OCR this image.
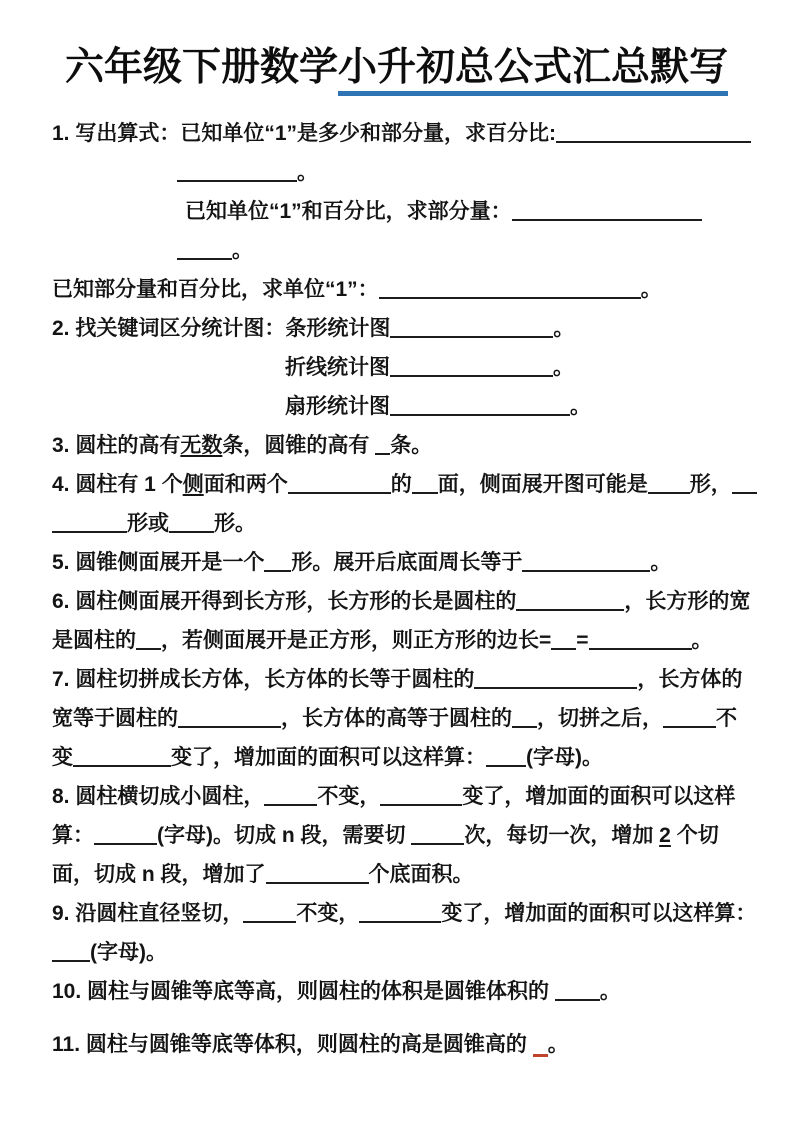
六年级下册数学小升初总公式汇总默写
1. 写出算式：已知单位“1”是多少和部分量，求百分比:
。
已知单位“1”和百分比，求部分量：
。
已知部分量和百分比，求单位“1”：	。
2. 找关键词区分统计图：条形统计图	。
折线统计图	。
扇形统计图	。
3. 圆柱的高有无数条，圆锥的高有 条。
4. 圆柱有 1 个侧面和两个	的 面，侧面展开图可能是 形，
形或 形。
5. 圆锥侧面展开是一个 形。展开后底面周长等于	。
6. 圆柱侧面展开得到长方形，长方形的长是圆柱的	，长方形的宽
是圆柱的 ，若侧面展开是正方形，则正方形的边长= =	。
7. 圆柱切拼成长方体，长方体的长等于圆柱的	，长方体的
宽等于圆柱的	，长方体的高等于圆柱的 ，切拼之后，	不
变	变了，增加面的面积可以这样算： (字母)。
8. 圆柱横切成小圆柱，	不变，	变了，增加面的面积可以这样
算：	(字母)。切成 n 段，需要切	次，每切一次，增加 2 个切
面，切成 n 段，增加了	个底面积。
9. 沿圆柱直径竖切，	不变，	变了，增加面的面积可以这样算：
(字母)。
10. 圆柱与圆锥等底等高，则圆柱的体积是圆锥体积的 。
11. 圆柱与圆锥等底等体积，则圆柱的高是圆锥高的 。
